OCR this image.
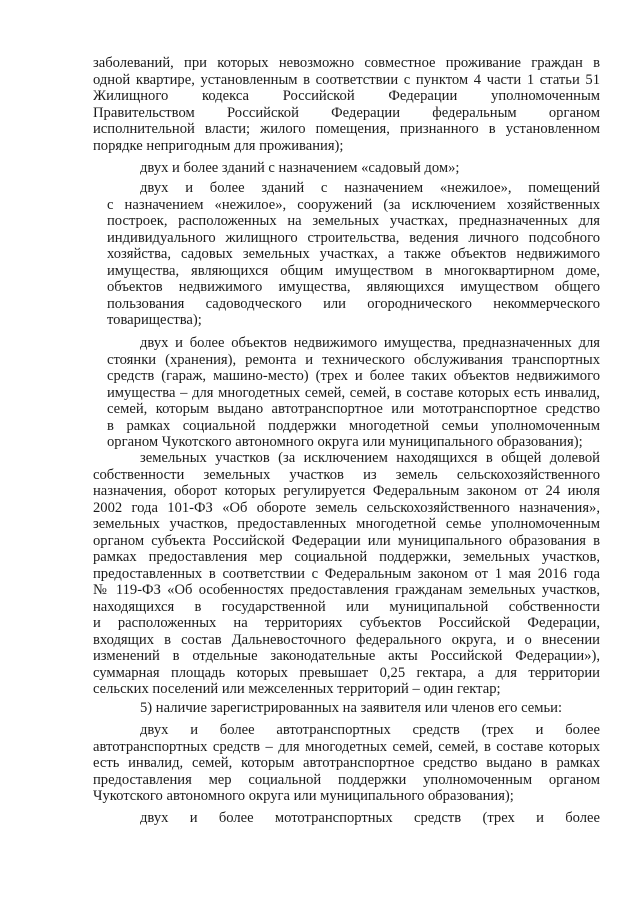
заболеваний, при которых невозможно совместное проживание граждан в
одной квартире, установленным в соответствии с пунктом 4 части 1 статьи 51
Жилищного кодекса Российской Федерации уполномоченным
Правительством Российской Федерации федеральным органом
исполнительной власти; жилого помещения, признанного в установленном
порядке непригодным для проживания);
двух и более зданий с назначением «садовый дом»;
двух и более зданий с назначением «нежилое», помещений
с назначением «нежилое», сооружений (за исключением хозяйственных
построек, расположенных на земельных участках, предназначенных для
индивидуального жилищного строительства, ведения личного подсобного
хозяйства, садовых земельных участках, а также объектов недвижимого
имущества, являющихся общим имуществом в многоквартирном доме,
объектов недвижимого имущества, являющихся имуществом общего
пользования садоводческого или огороднического некоммерческого
товарищества);
двух и более объектов недвижимого имущества, предназначенных для
стоянки (хранения), ремонта и технического обслуживания транспортных
средств (гараж, машино-место) (трех и более таких объектов недвижимого
имущества – для многодетных семей, семей, в составе которых есть инвалид,
семей, которым выдано автотранспортное или мототранспортное средство
в рамках социальной поддержки многодетной семьи уполномоченным
органом Чукотского автономного округа или муниципального образования);
земельных участков (за исключением находящихся в общей долевой
собственности земельных участков из земель сельскохозяйственного
назначения, оборот которых регулируется Федеральным законом от 24 июля
2002 года 101-ФЗ «Об обороте земель сельскохозяйственного назначения»,
земельных участков, предоставленных многодетной семье уполномоченным
органом субъекта Российской Федерации или муниципального образования в
рамках предоставления мер социальной поддержки, земельных участков,
предоставленных в соответствии с Федеральным законом от 1 мая 2016 года
№ 119-ФЗ «Об особенностях предоставления гражданам земельных участков,
находящихся в государственной или муниципальной собственности
и расположенных на территориях субъектов Российской Федерации,
входящих в состав Дальневосточного федерального округа, и о внесении
изменений в отдельные законодательные акты Российской Федерации»),
суммарная площадь которых превышает 0,25 гектара, а для территории
сельских поселений или межселенных территорий – один гектар;
5) наличие зарегистрированных на заявителя или членов его семьи:
двух и более автотранспортных средств (трех и более
автотранспортных средств – для многодетных семей, семей, в составе которых
есть инвалид, семей, которым автотранспортное средство выдано в рамках
предоставления мер социальной поддержки уполномоченным органом
Чукотского автономного округа или муниципального образования);
двух и более мототранспортных средств (трех и более
